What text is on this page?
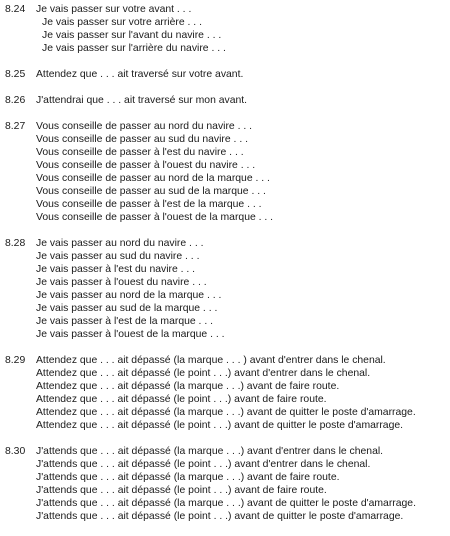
8.24 Je vais passer sur votre avant . . .
Je vais passer sur votre arrière . . .
Je vais passer sur l'avant du navire . . .
Je vais passer sur l'arrière du navire . . .
8.25 Attendez que . . . ait traversé sur votre avant.
8.26 J'attendrai que . . . ait traversé sur mon avant.
8.27 Vous conseille de passer au nord du navire . . .
Vous conseille de passer au sud du navire . . .
Vous conseille de passer à l'est du navire . . .
Vous conseille de passer à l'ouest du navire . . .
Vous conseille de passer au nord de la marque . . .
Vous conseille de passer au sud de la marque . . .
Vous conseille de passer à l'est de la marque . . .
Vous conseille de passer à l'ouest de la marque . . .
8.28 Je vais passer au nord du navire . . .
Je vais passer au sud du navire . . .
Je vais passer à l'est du navire . . .
Je vais passer à l'ouest du navire . . .
Je vais passer au nord de la marque . . .
Je vais passer au sud de la marque . . .
Je vais passer à l'est de la marque . . .
Je vais passer à l'ouest de la marque . . .
8.29 Attendez que . . . ait dépassé (la marque . . . ) avant d'entrer dans le chenal.
Attendez que . . . ait dépassé (le point . . .) avant d'entrer dans le chenal.
Attendez que . . . ait dépassé (la marque . . .) avant de faire route.
Attendez que . . . ait dépassé (le point . . .) avant de faire route.
Attendez que . . . ait dépassé (la marque . . .) avant de quitter le poste d'amarrage.
Attendez que . . . ait dépassé (le point . . .) avant de quitter le poste d'amarrage.
8.30 J'attends que . . . ait dépassé (la marque . . .) avant d'entrer dans le chenal.
J'attends que . . . ait dépassé (le point . . .) avant d'entrer dans le chenal.
J'attends que . . . ait dépassé (la marque . . .) avant de faire route.
J'attends que . . . ait dépassé (le point . . .) avant de faire route.
J'attends que . . . ait dépassé (la marque . . .) avant de quitter le poste d'amarrage.
J'attends que . . . ait dépassé (le point . . .) avant de quitter le poste d'amarrage.
